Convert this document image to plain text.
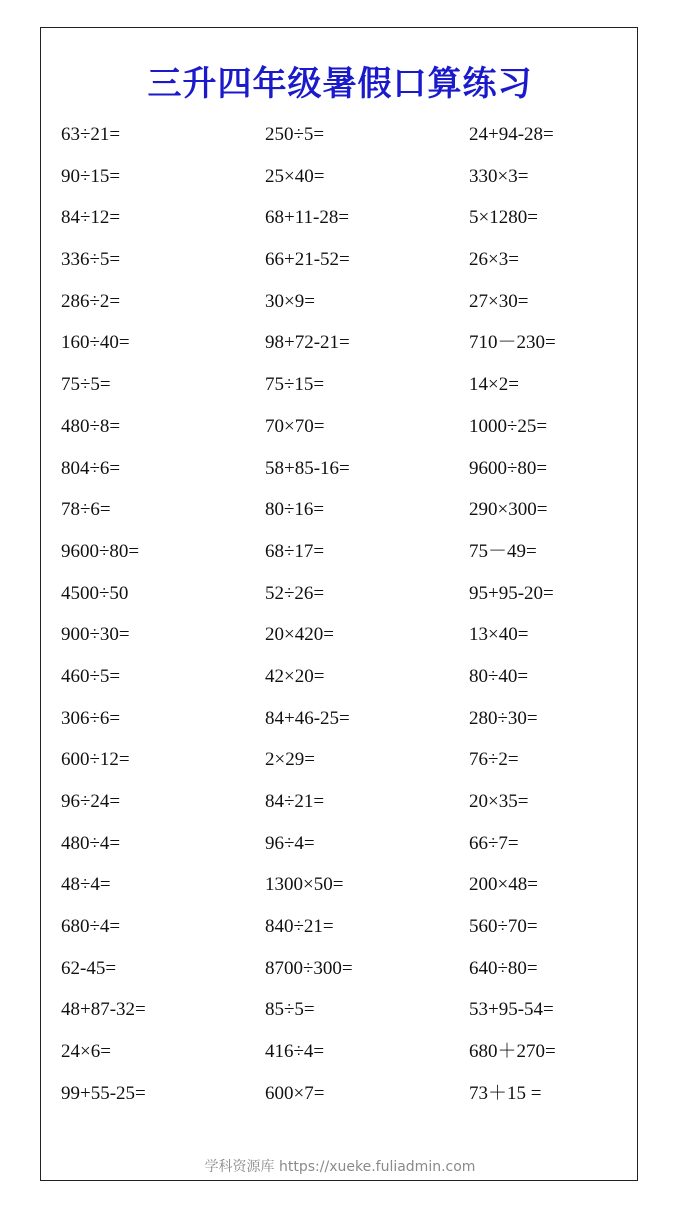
三升四年级暑假口算练习
63÷21=	250÷5=	24+94-28=
90÷15=	25×40=	330×3=
84÷12=	68+11-28=	5×1280=
336÷5=	66+21-52=	26×3=
286÷2=	30×9=	27×30=
160÷40=	98+72-21=	710－230=
75÷5=	75÷15=	14×2=
480÷8=	70×70=	1000÷25=
804÷6=	58+85-16=	9600÷80=
78÷6=	80÷16=	290×300=
9600÷80=	68÷17=	75－49=
4500÷50	52÷26=	95+95-20=
900÷30=	20×420=	13×40=
460÷5=	42×20=	80÷40=
306÷6=	84+46-25=	280÷30=
600÷12=	2×29=	76÷2=
96÷24=	84÷21=	20×35=
480÷4=	96÷4=	66÷7=
48÷4=	1300×50=	200×48=
680÷4=	840÷21=	560÷70=
62-45=	8700÷300=	640÷80=
48+87-32=	85÷5=	53+95-54=
24×6=	416÷4=	680＋270=
99+55-25=	600×7=	73＋15 =
学科资源库 https://xueke.fuliadmin.com
